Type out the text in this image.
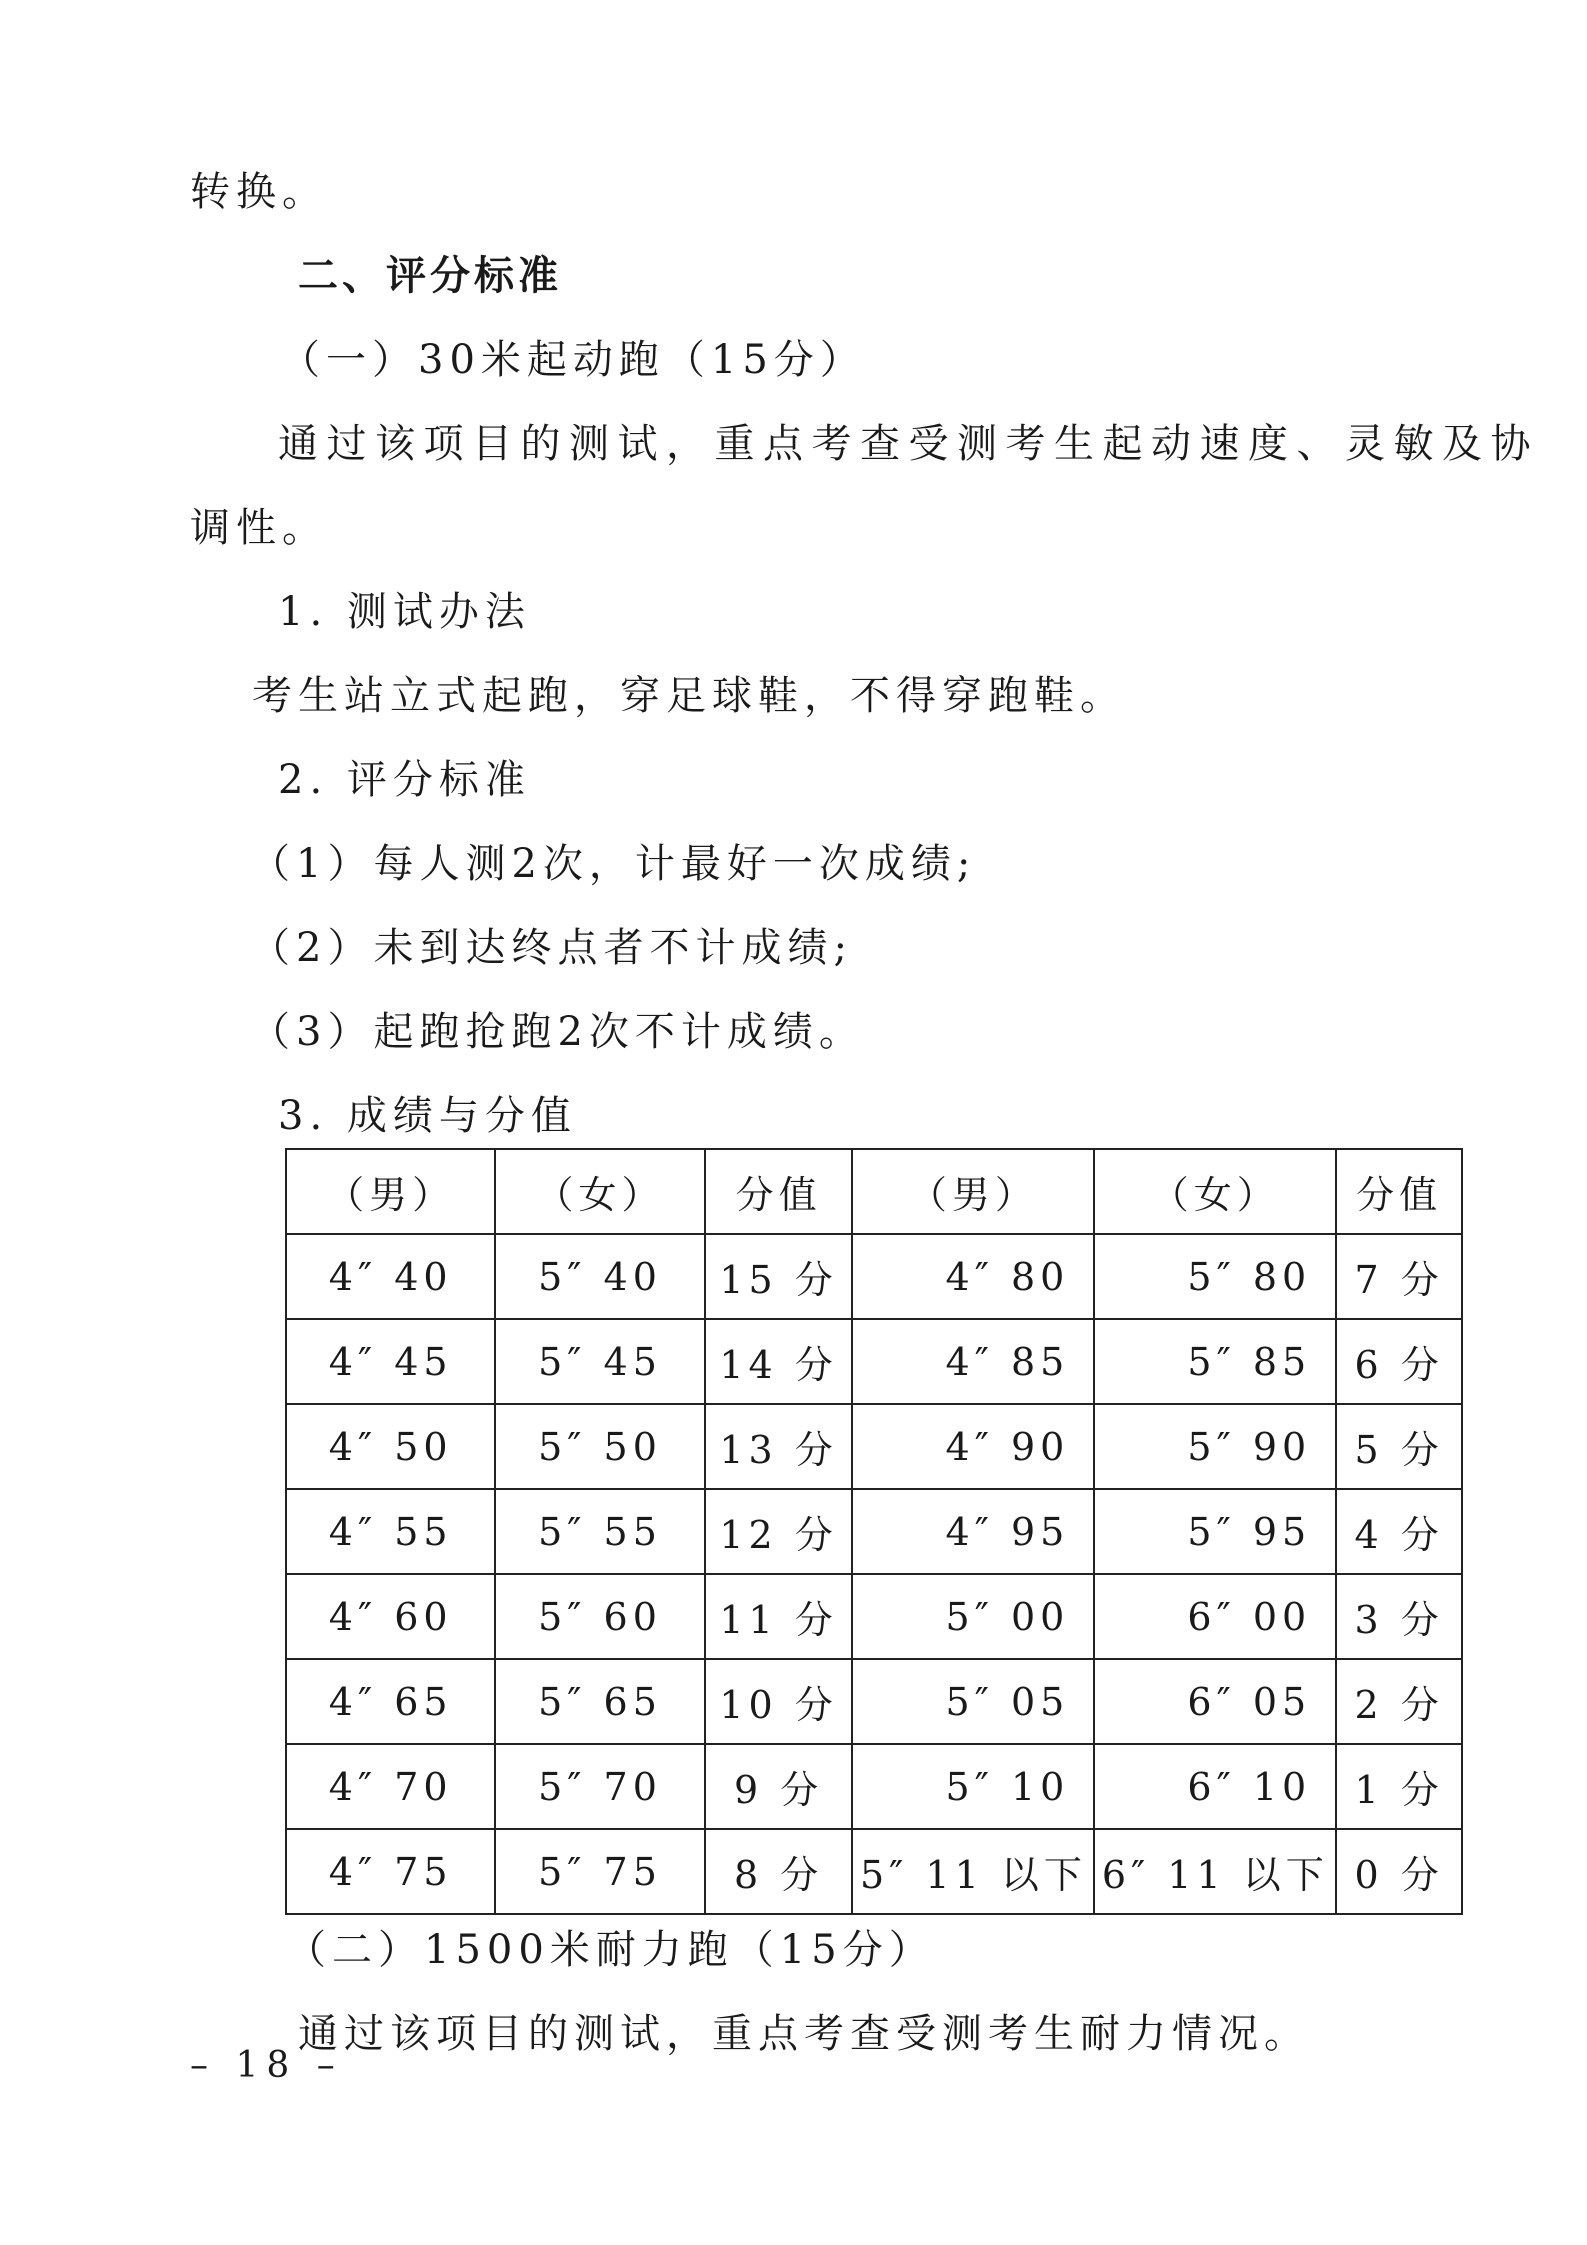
转换。
二、评分标准
（一）30米起动跑（15分）
通过该项目的测试，重点考查受测考生起动速度、灵敏及协
调性。
1. 测试办法
考生站立式起跑，穿足球鞋，不得穿跑鞋。
2. 评分标准
（1）每人测2次，计最好一次成绩;
（2）未到达终点者不计成绩;
（3）起跑抢跑2次不计成绩。
3. 成绩与分值
（男）	（女）	分值	（男）	（女）	分值
4″ 40	5″ 40	15 分	4″ 80	5″ 80	7 分
4″ 45	5″ 45	14 分	4″ 85	5″ 85	6 分
4″ 50	5″ 50	13 分	4″ 90	5″ 90	5 分
4″ 55	5″ 55	12 分	4″ 95	5″ 95	4 分
4″ 60	5″ 60	11 分	5″ 00	6″ 00	3 分
4″ 65	5″ 65	10 分	5″ 05	6″ 05	2 分
4″ 70	5″ 70	9 分	5″ 10	6″ 10	1 分
4″ 75	5″ 75	8 分	5″ 11 以下	6″ 11 以下	0 分
（二）1500米耐力跑（15分）
通过该项目的测试，重点考查受测考生耐力情况。
– 18 –
